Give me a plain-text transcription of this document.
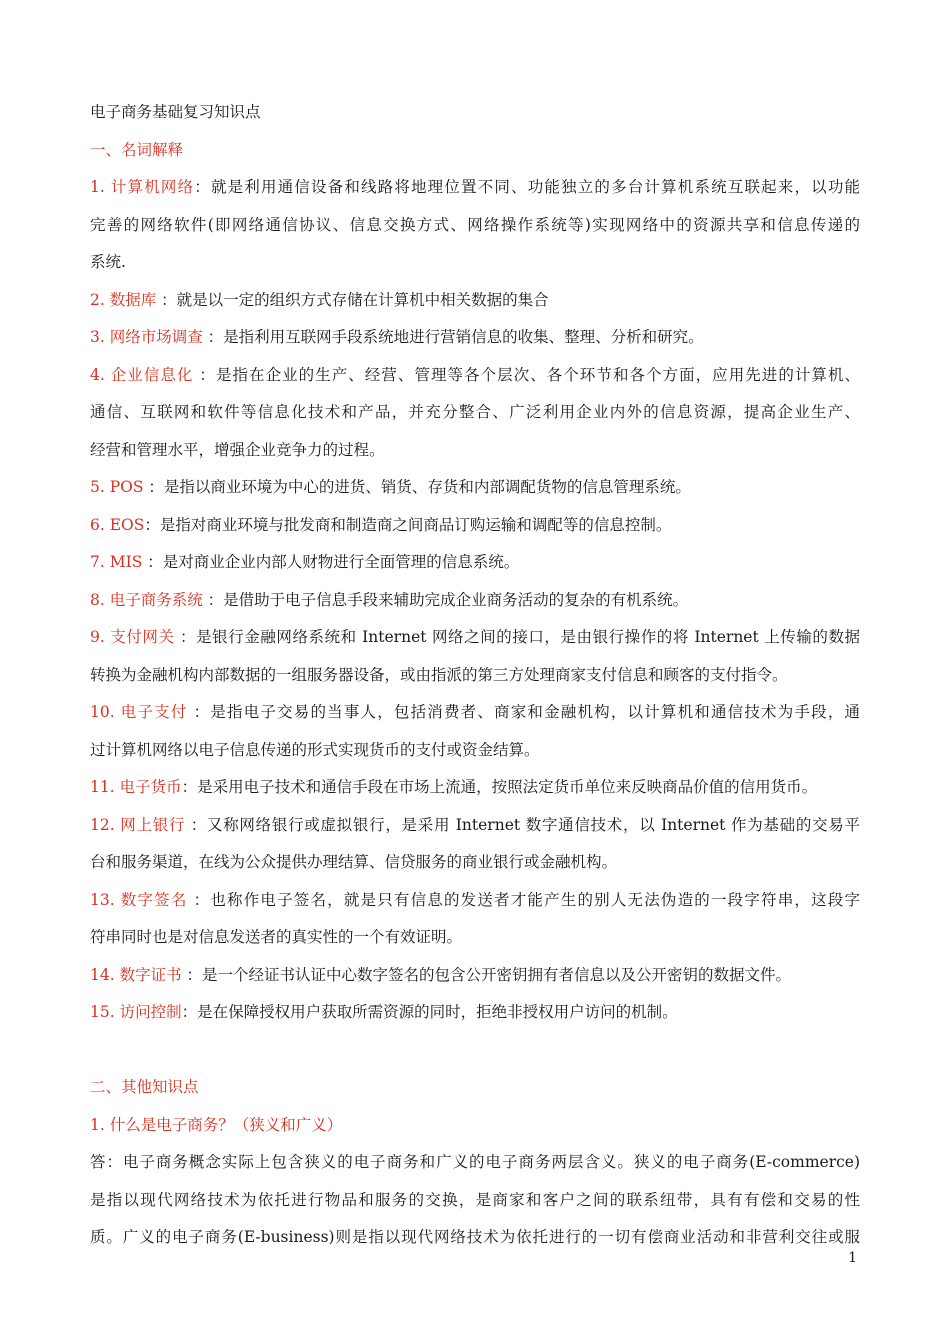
电子商务基础复习知识点
一、名词解释
1. 计算机网络：就是利用通信设备和线路将地理位置不同、功能独立的多台计算机系统互联起来，以功能
完善的网络软件(即网络通信协议、信息交换方式、网络操作系统等)实现网络中的资源共享和信息传递的
系统.
2. 数据库 ：就是以一定的组织方式存储在计算机中相关数据的集合
3. 网络市场调查 ：是指利用互联网手段系统地进行营销信息的收集、整理、分析和研究。
4. 企业信息化 ：是指在企业的生产、经营、管理等各个层次、各个环节和各个方面，应用先进的计算机、
通信、互联网和软件等信息化技术和产品，并充分整合、广泛利用企业内外的信息资源，提高企业生产、
经营和管理水平，增强企业竞争力的过程。
5. POS ：是指以商业环境为中心的进货、销货、存货和内部调配货物的信息管理系统。
6. EOS：是指对商业环境与批发商和制造商之间商品订购运输和调配等的信息控制。
7. MIS ：是对商业企业内部人财物进行全面管理的信息系统。
8. 电子商务系统 ：是借助于电子信息手段来辅助完成企业商务活动的复杂的有机系统。
9. 支付网关 ：是银行金融网络系统和 Internet 网络之间的接口，是由银行操作的将 Internet 上传输的数据
转换为金融机构内部数据的一组服务器设备，或由指派的第三方处理商家支付信息和顾客的支付指令。
10. 电子支付 ：是指电子交易的当事人，包括消费者、商家和金融机构，以计算机和通信技术为手段，通
过计算机网络以电子信息传递的形式实现货币的支付或资金结算。
11. 电子货币：是采用电子技术和通信手段在市场上流通，按照法定货币单位来反映商品价值的信用货币。
12. 网上银行 ：又称网络银行或虚拟银行，是采用 Internet 数字通信技术，以 Internet 作为基础的交易平
台和服务渠道，在线为公众提供办理结算、信贷服务的商业银行或金融机构。
13. 数字签名 ：也称作电子签名，就是只有信息的发送者才能产生的别人无法伪造的一段字符串，这段字
符串同时也是对信息发送者的真实性的一个有效证明。
14. 数字证书 ：是一个经证书认证中心数字签名的包含公开密钥拥有者信息以及公开密钥的数据文件。
15. 访问控制：是在保障授权用户获取所需资源的同时，拒绝非授权用户访问的机制。
二、其他知识点
1. 什么是电子商务？（狭义和广义）
答：电子商务概念实际上包含狭义的电子商务和广义的电子商务两层含义。狭义的电子商务(E-commerce)
是指以现代网络技术为依托进行物品和服务的交换，是商家和客户之间的联系纽带，具有有偿和交易的性
质。广义的电子商务(E-business)则是指以现代网络技术为依托进行的一切有偿商业活动和非营利交往或服
1
